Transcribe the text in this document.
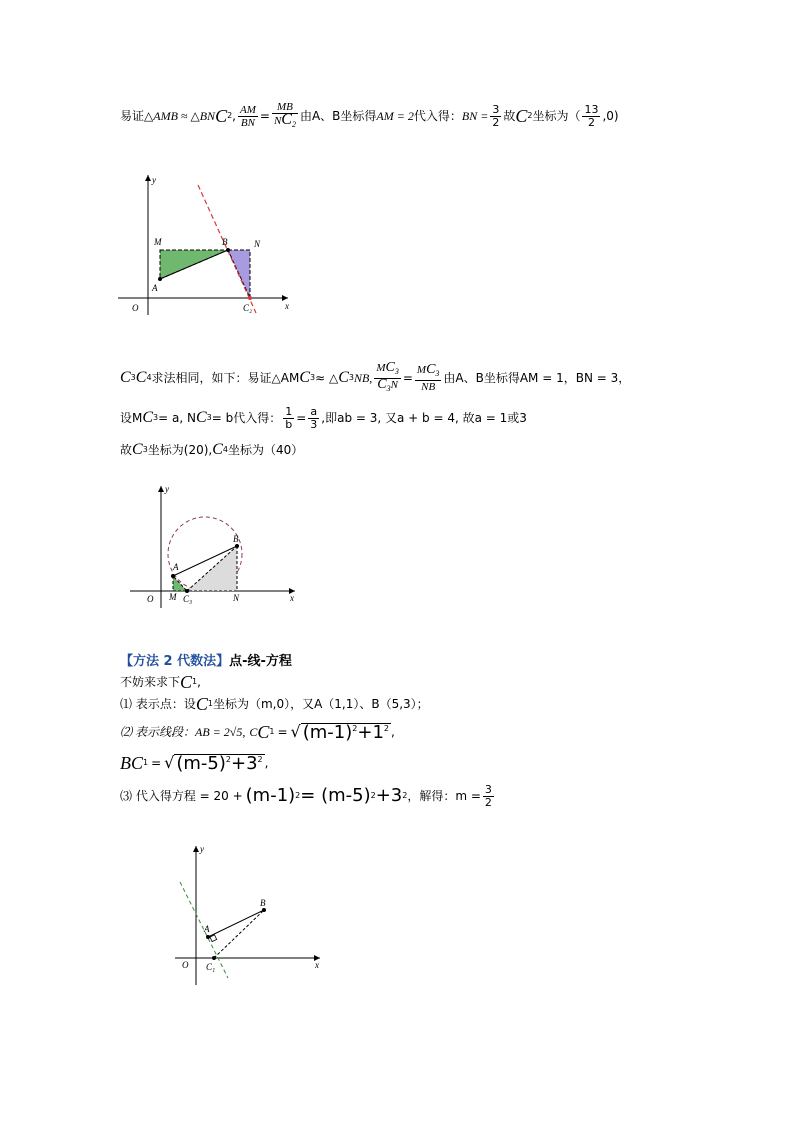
易证 △AMB ≈ △BN C 2 , $\frac{AM}{BN} = \frac{MB}{NC_2}$ 由A、B坐标得 AM = 2 代入得： BN = $\frac{3}{2}$ 故 C 2 坐标为（ $\frac{13}{2} ,0$)
y
x
O
M	B	N
A
C₂
C 3 C 4 求法相同，如下：易证△AM C 3 ≈ △ C 3 NB, $\frac{MC_3}{C_3N} = \frac{MC_3}{NB}$ 由A、B坐标得AM = 1，BN = 3，
设M C 3 = a, N C 3 = b代入得： $\frac{1}{b} = \frac{a}{3}$ ,即ab = 3, 又a + b = 4, 故a = 1或3
故 C 3 坐标为(20), C 4 坐标为（40）
y
x
O M
A
C₃
B
N
【方法 2 代数法】点-线-方程
不妨来求下 C 1 ,
⑴ 表示点：设 C 1 坐标为（m,0），又A（1,1）、B（5,3）；
⑵ 表示线段：AB = 2√5, C C 1 = √ $(m-1)^2+1^2$ ,
BC 1 = √ $(m-5)^2+3^2$ ,
⑶ 代入得方程 = 20 + (m-1) 2 = (m-5) 2 +3 2 ，解得：$m = \frac{3}{2}$
y
x
O
A
B
C₁
